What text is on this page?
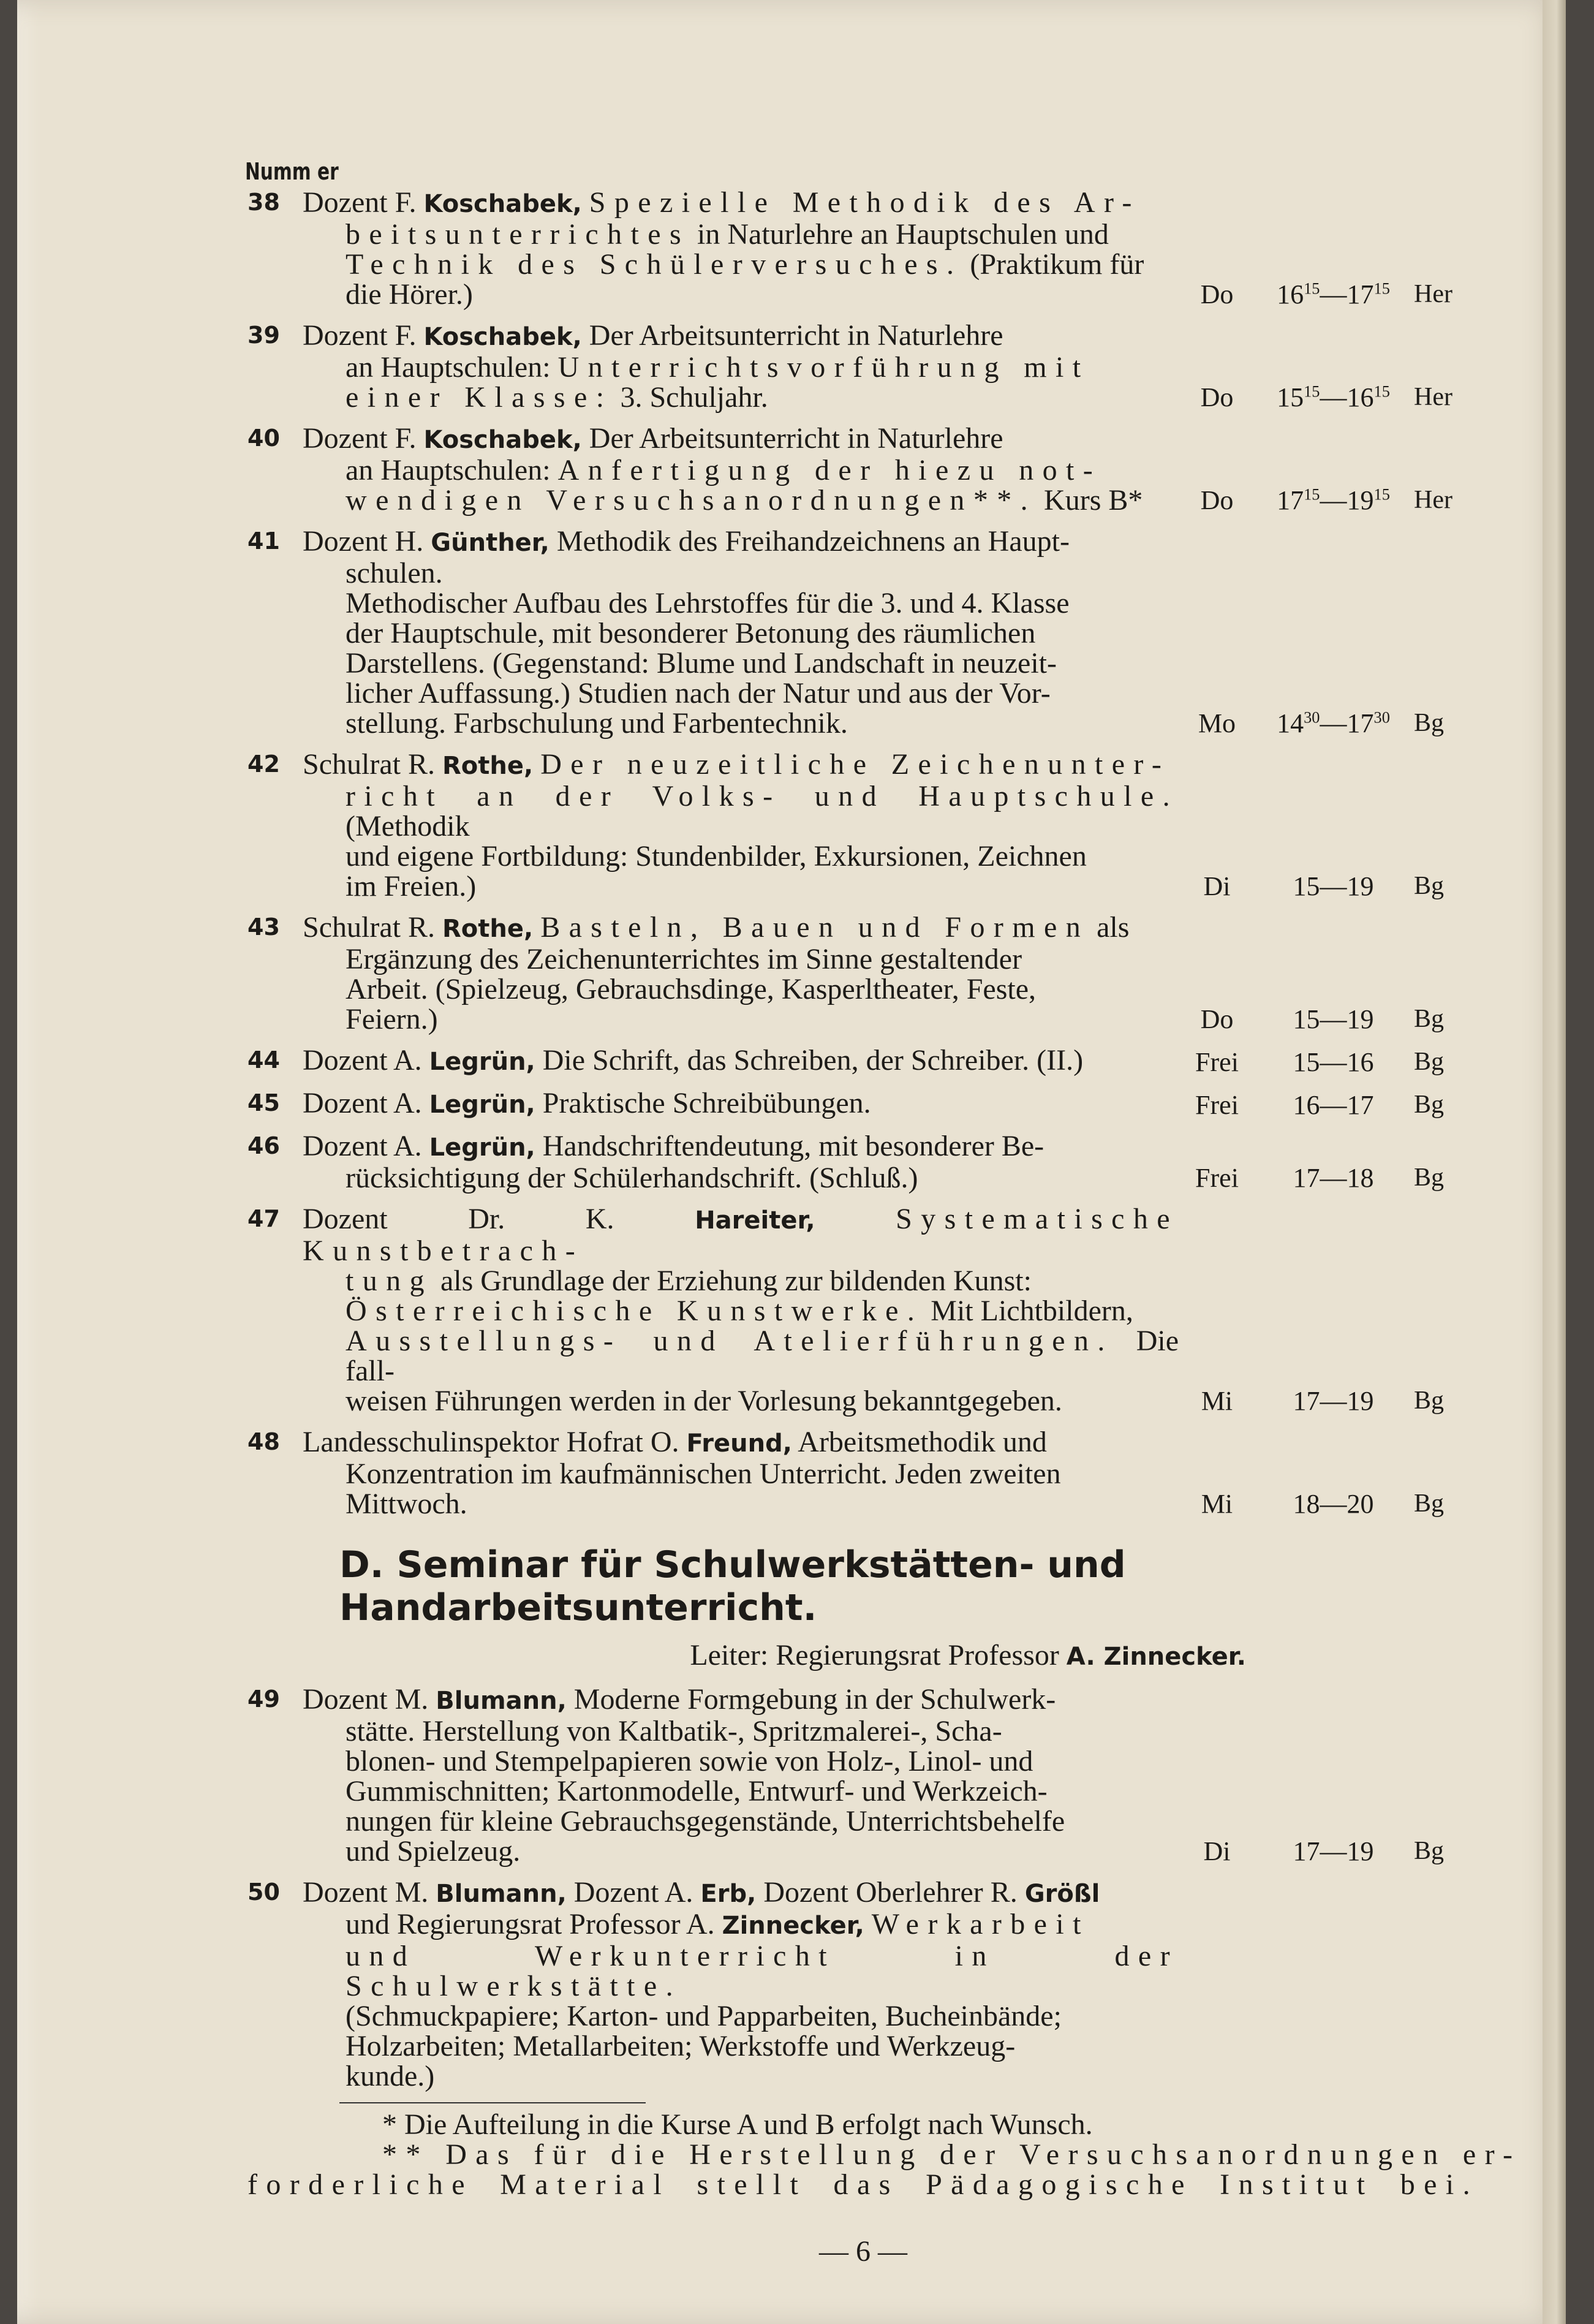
Numm er
38 Dozent F. Koschabek, Spezielle Methodik des Ar-

beitsunterrichtes in Naturlehre an Hauptschulen und

Technik des Schülerversuches. (Praktikum für

die Hörer.)	Do	$16^{15}—17^{15}$ Her
39 Dozent F. Koschabek, Der Arbeitsunterricht in Naturlehre

an Hauptschulen: Unterrichtsvorführung mit

einer Klasse: 3. Schuljahr.	Do	$15^{15}—16^{15}$ Her
40 Dozent F. Koschabek, Der Arbeitsunterricht in Naturlehre

an Hauptschulen: Anfertigung der hiezu not-

wendigen Versuchsanordnungen**. Kurs B*	Do	$17^{15}—19^{15}$ Her
41 Dozent H. Günther, Methodik des Freihandzeichnens an Haupt-

schulen.

Methodischer Aufbau des Lehrstoffes für die 3. und 4. Klasse

der Hauptschule, mit besonderer Betonung des räumlichen

Darstellens. (Gegenstand: Blume und Landschaft in neuzeit-

licher Auffassung.) Studien nach der Natur und aus der Vor-

stellung. Farbschulung und Farbentechnik.	Mo	$14^{30}—17^{30}$ Bg
42 Schulrat R. Rothe, Der neuzeitliche Zeichenunter-

richt an der Volks- und Hauptschule. (Methodik

und eigene Fortbildung: Stundenbilder, Exkursionen, Zeichnen

im Freien.)	Di	15—19	Bg
43 Schulrat R. Rothe, Basteln, Bauen und Formen als

Ergänzung des Zeichenunterrichtes im Sinne gestaltender

Arbeit. (Spielzeug, Gebrauchsdinge, Kasperltheater, Feste,

Feiern.)	Do	15—19	Bg
44 Dozent A. Legrün, Die Schrift, das Schreiben, der Schreiber. (II.)	Frei	15—16	Bg
45 Dozent A. Legrün, Praktische Schreibübungen.	Frei	16—17	Bg
46 Dozent A. Legrün, Handschriftendeutung, mit besonderer Be-

rücksichtigung der Schülerhandschrift. (Schluß.)	Frei	17—18	Bg
47 Dozent Dr. K. Hareiter,	Systematische Kunstbetrach-

tung als Grundlage der Erziehung zur bildenden Kunst:

Österreichische Kunstwerke. Mit Lichtbildern,

Ausstellungs- und Atelierführungen. Die fall-

weisen Führungen werden in der Vorlesung bekanntgegeben.	Mi	17—19	Bg
48 Landesschulinspektor Hofrat O. Freund, Arbeitsmethodik und

Konzentration im kaufmännischen Unterricht. Jeden zweiten

Mittwoch.	Mi	18—20	Bg
D. Seminar für Schulwerkstätten- und Handarbeitsunterricht.
Leiter: Regierungsrat Professor A. Zinnecker.
49 Dozent M. Blumann, Moderne Formgebung in der Schulwerk-

stätte. Herstellung von Kaltbatik-, Spritzmalerei-, Scha-

blonen- und Stempelpapieren sowie von Holz-, Linol- und

Gummischnitten; Kartonmodelle, Entwurf- und Werkzeich-

nungen für kleine Gebrauchsgegenstände, Unterrichtsbehelfe

und Spielzeug.	Di	17—19	Bg
50 Dozent M. Blumann, Dozent A. Erb, Dozent Oberlehrer R. Größl

und Regierungsrat Professor A. Zinnecker, Werkarbeit

und Werkunterricht in der Schulwerkstätte.

(Schmuckpapiere; Karton- und Papparbeiten, Bucheinbände;

Holzarbeiten; Metallarbeiten; Werkstoffe und Werkzeug-

kunde.)

* Die Aufteilung in die Kurse A und B erfolgt nach Wunsch.
** Das für die Herstellung der Versuchsanordnungen er-
forderliche Material stellt das Pädagogische Institut bei.
— 6 —
